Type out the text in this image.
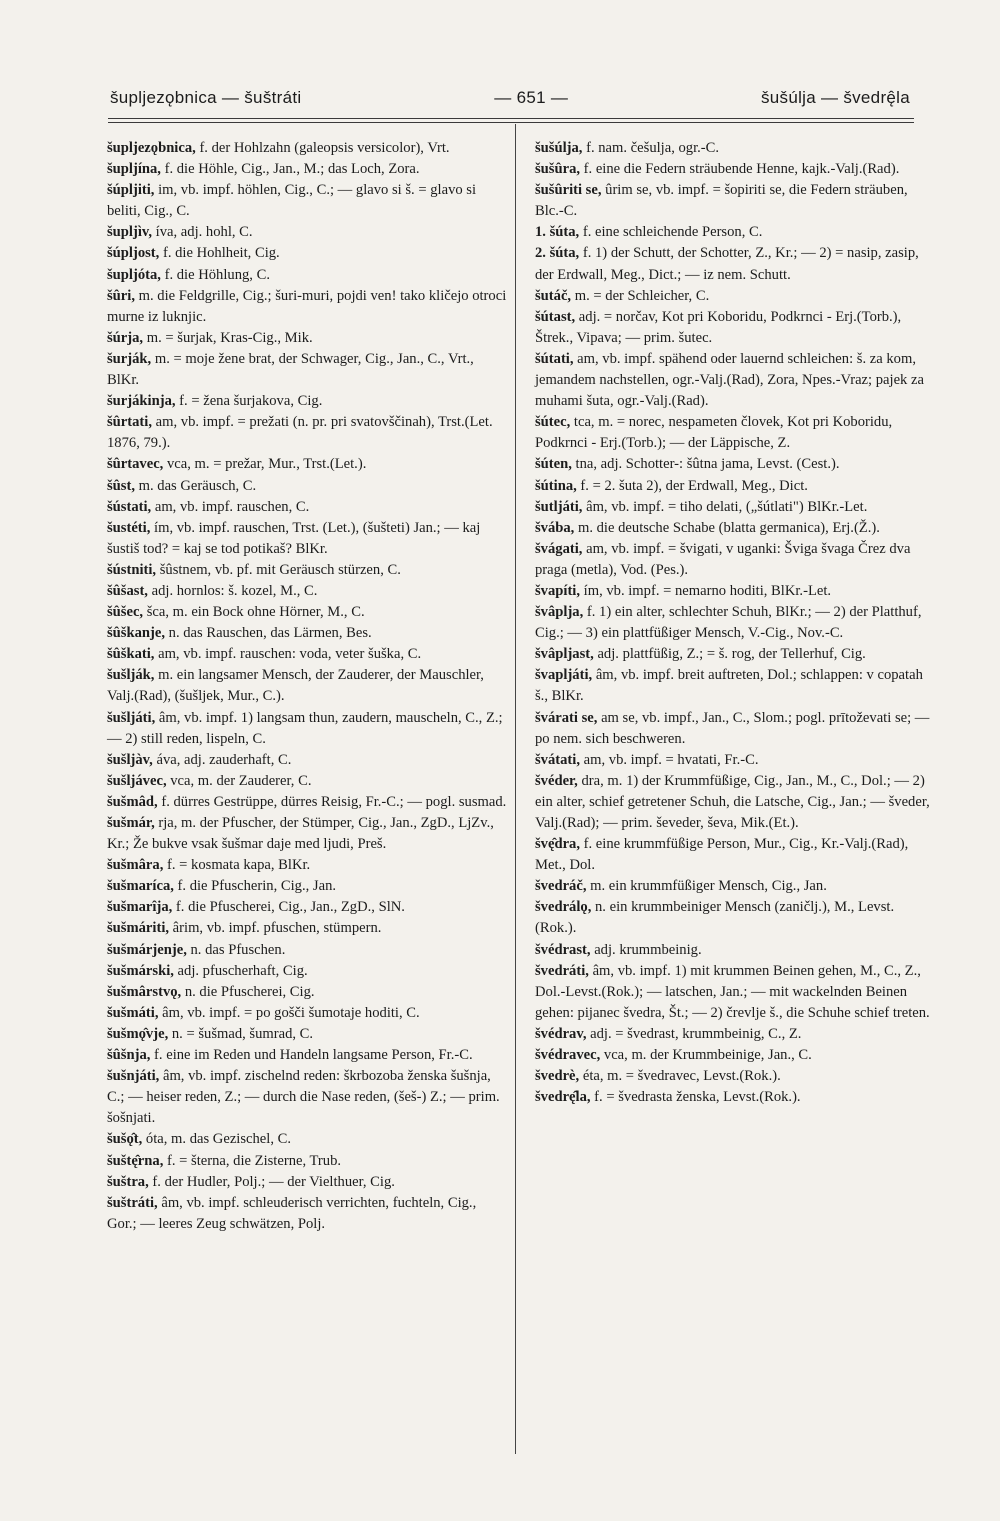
šupljezǫbnica — šuštráti	— 651 —	šušúlja — švedrę̂la

šupljezǫbnica, f. der Hohlzahn (galeopsis versicolor), Vrt.

šupljína, f. die Höhle, Cig., Jan., M.; das Loch, Zora.

šúpljiti, im, vb. impf. höhlen, Cig., C.; — glavo si š. = glavo si beliti, Cig., C.

šupljìv, íva, adj. hohl, C.

šúpljost, f. die Hohlheit, Cig.

šupljóta, f. die Höhlung, C.

šûri, m. die Feldgrille, Cig.; šuri-muri, pojdi ven! tako kličejo otroci murne iz luknjic.

šúrja, m. = šurjak, Kras-Cig., Mik.

šurják, m. = moje žene brat, der Schwager, Cig., Jan., C., Vrt., BlKr.

šurjákinja, f. = žena šurjakova, Cig.

šûrtati, am, vb. impf. = prežati (n. pr. pri svatovščinah), Trst.(Let. 1876, 79.).

šûrtavec, vca, m. = prežar, Mur., Trst.(Let.).

šûst, m. das Geräusch, C.

šústati, am, vb. impf. rauschen, C.

šustéti, ím, vb. impf. rauschen, Trst. (Let.), (šušteti) Jan.; — kaj šustiš tod? = kaj se tod potikaš? BlKr.

šústniti, šûstnem, vb. pf. mit Geräusch stürzen, C.

šûšast, adj. hornlos: š. kozel, M., C.

šûšec, šca, m. ein Bock ohne Hörner, M., C.

šûškanje, n. das Rauschen, das Lärmen, Bes.

šûškati, am, vb. impf. rauschen: voda, veter šuška, C.

šušlják, m. ein langsamer Mensch, der Zauderer, der Mauschler, Valj.(Rad), (šušljek, Mur., C.).

šušljáti, âm, vb. impf. 1) langsam thun, zaudern, mauscheln, C., Z.; — 2) still reden, lispeln, C.

šušljàv, áva, adj. zauderhaft, C.

šušljávec, vca, m. der Zauderer, C.

šušmâd, f. dürres Gestrüppe, dürres Reisig, Fr.-C.; — pogl. susmad.

šušmár, rja, m. der Pfuscher, der Stümper, Cig., Jan., ZgD., LjZv., Kr.; Že bukve vsak šušmar daje med ljudi, Preš.

šušmâra, f. = kosmata kapa, BlKr.

šušmaríca, f. die Pfuscherin, Cig., Jan.

šušmarîja, f. die Pfuscherei, Cig., Jan., ZgD., SlN.

šušmáriti, ârim, vb. impf. pfuschen, stümpern.

šušmárjenje, n. das Pfuschen.

šušmárski, adj. pfuscherhaft, Cig.

šušmârstvǫ, n. die Pfuscherei, Cig.

šušmáti, âm, vb. impf. = po gošči šumotaje hoditi, C.

šušmǫ̂vje, n. = šušmad, šumrad, C.

šûšnja, f. eine im Reden und Handeln langsame Person, Fr.-C.

šušnjáti, âm, vb. impf. zischelnd reden: škrbozoba ženska šušnja, C.; — heiser reden, Z.; — durch die Nase reden, (šeš-) Z.; — prim. šošnjati.

šušǫ̂t, óta, m. das Gezischel, C.

šuštę̂rna, f. = šterna, die Zisterne, Trub.

šuštra, f. der Hudler, Polj.; — der Vielthuer, Cig.

šuštráti, âm, vb. impf. schleuderisch verrichten, fuchteln, Cig., Gor.; — leeres Zeug schwätzen, Polj.

šušúlja, f. nam. češulja, ogr.-C.

šušûra, f. eine die Federn sträubende Henne, kajk.-Valj.(Rad).

šušûriti se, ûrim se, vb. impf. = šopiriti se, die Federn sträuben, Blc.-C.

1. šúta, f. eine schleichende Person, C.

2. šúta, f. 1) der Schutt, der Schotter, Z., Kr.; — 2) = nasip, zasip, der Erdwall, Meg., Dict.; — iz nem. Schutt.

šutáč, m. = der Schleicher, C.

šútast, adj. = norčav, Kot pri Koboridu, Podkrnci - Erj.(Torb.), Štrek., Vipava; — prim. šutec.

šútati, am, vb. impf. spähend oder lauernd schleichen: š. za kom, jemandem nachstellen, ogr.-Valj.(Rad), Zora, Npes.-Vraz; pajek za muhami šuta, ogr.-Valj.(Rad).

šútec, tca, m. = norec, nespameten človek, Kot pri Koboridu, Podkrnci - Erj.(Torb.); — der Läppische, Z.

šúten, tna, adj. Schotter-: šûtna jama, Levst. (Cest.).

šútina, f. = 2. šuta 2), der Erdwall, Meg., Dict.

šutljáti, âm, vb. impf. = tiho delati, („šútlati") BlKr.-Let.

švába, m. die deutsche Schabe (blatta germanica), Erj.(Ž.).

švágati, am, vb. impf. = švigati, v uganki: Šviga švaga Črez dva praga (metla), Vod. (Pes.).

švapíti, ím, vb. impf. = nemarno hoditi, BlKr.-Let.

švâplja, f. 1) ein alter, schlechter Schuh, BlKr.; — 2) der Platthuf, Cig.; — 3) ein plattfüßiger Mensch, V.-Cig., Nov.-C.

švâpljast, adj. plattfüßig, Z.; = š. rog, der Tellerhuf, Cig.

švapljáti, âm, vb. impf. breit auftreten, Dol.; schlappen: v copatah š., BlKr.

švárati se, am se, vb. impf., Jan., C., Slom.; pogl. prītoževati se; — po nem. sich beschweren.

švátati, am, vb. impf. = hvatati, Fr.-C.

švéder, dra, m. 1) der Krummfüßige, Cig., Jan., M., C., Dol.; — 2) ein alter, schief getretener Schuh, die Latsche, Cig., Jan.; — šveder, Valj.(Rad); — prim. ševeder, ševa, Mik.(Et.).

švę̂dra, f. eine krummfüßige Person, Mur., Cig., Kr.-Valj.(Rad), Met., Dol.

švedráč, m. ein krummfüßiger Mensch, Cig., Jan.

švedrálǫ, n. ein krummbeiniger Mensch (zaničlj.), M., Levst.(Rok.).

švédrast, adj. krummbeinig.

švedráti, âm, vb. impf. 1) mit krummen Beinen gehen, M., C., Z., Dol.-Levst.(Rok.); — latschen, Jan.; — mit wackelnden Beinen gehen: pijanec švedra, Št.; — 2) črevlje š., die Schuhe schief treten.

švédrav, adj. = švedrast, krummbeinig, C., Z.

švédravec, vca, m. der Krummbeinige, Jan., C.

švedrè, éta, m. = švedravec, Levst.(Rok.).

švedrę̂la, f. = švedrasta ženska, Levst.(Rok.).
